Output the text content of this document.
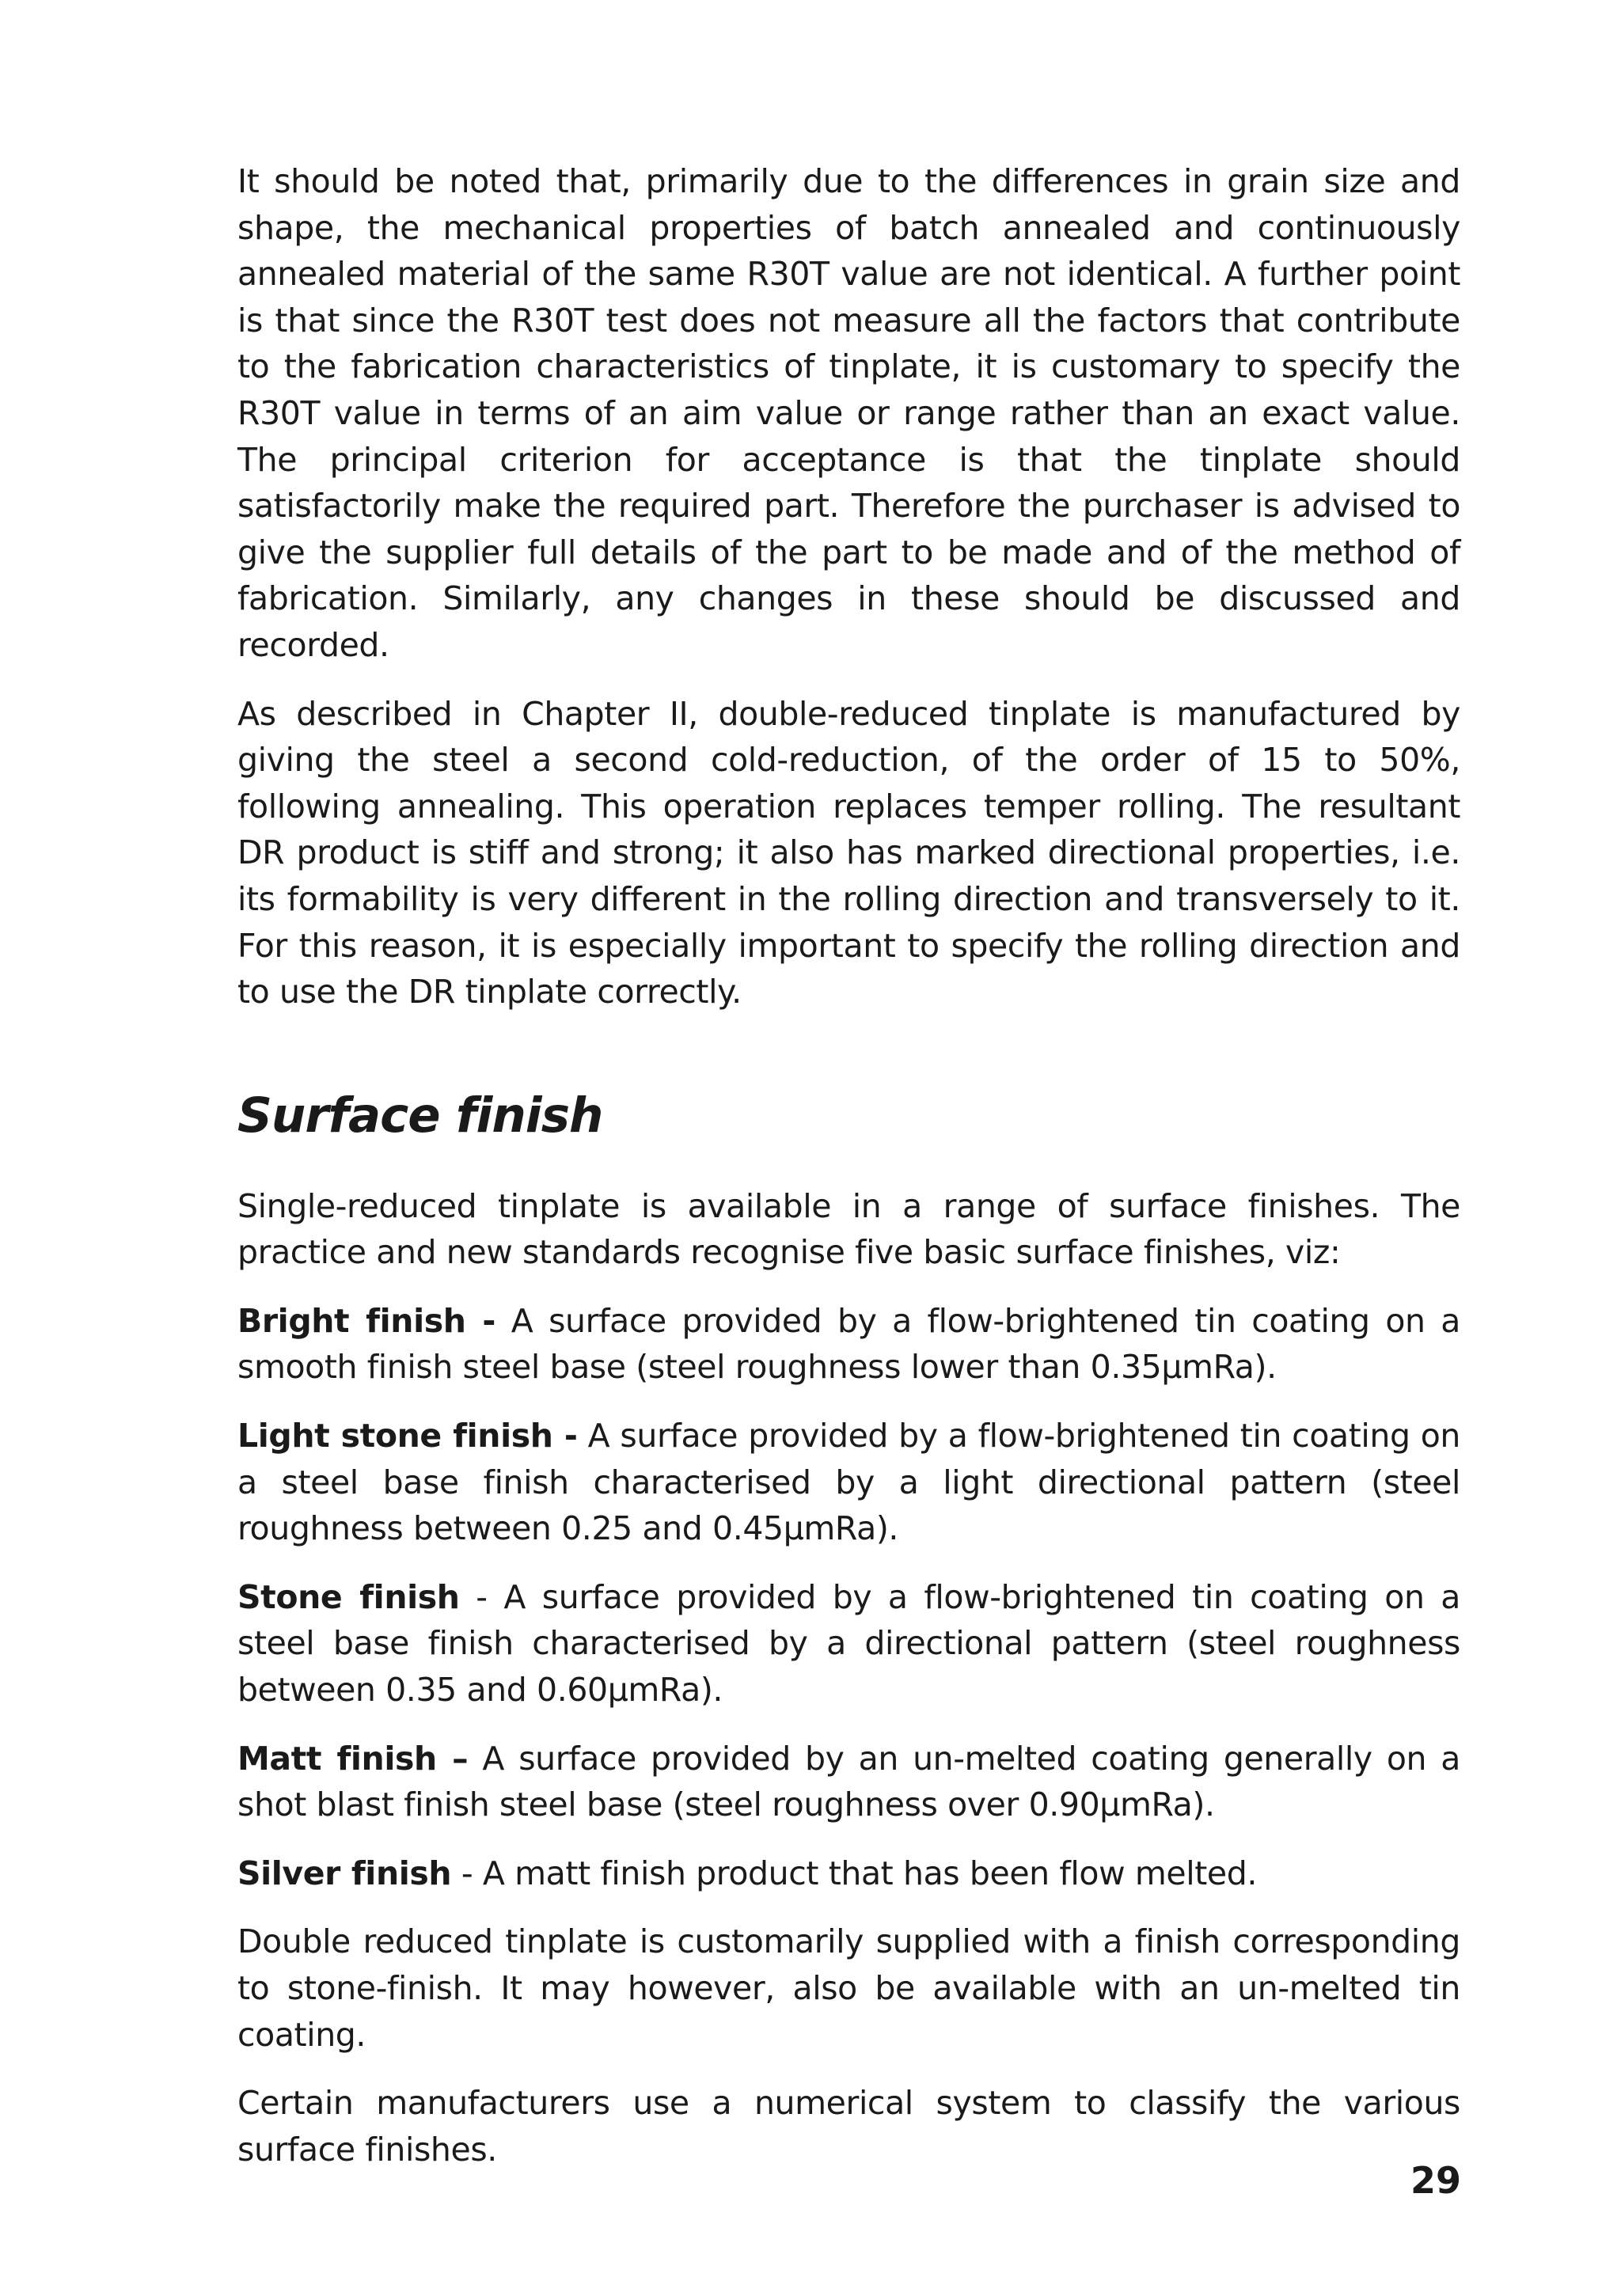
It should be noted that, primarily due to the differences in grain size and shape, the mechanical properties of batch annealed and continuously annealed material of the same R30T value are not identical. A further point is that since the R30T test does not measure all the factors that contribute to the fabrication characteristics of tinplate, it is customary to specify the R30T value in terms of an aim value or range rather than an exact value. The principal criterion for acceptance is that the tinplate should satisfactorily make the required part. Therefore the purchaser is advised to give the supplier full details of the part to be made and of the method of fabrication. Similarly, any changes in these should be discussed and recorded.

As described in Chapter II, double-reduced tinplate is manufactured by giving the steel a second cold-reduction, of the order of 15 to 50%, following annealing. This operation replaces temper rolling. The resultant DR product is stiff and strong; it also has marked directional properties, i.e. its formability is very different in the rolling direction and transversely to it. For this reason, it is especially important to specify the rolling direction and to use the DR tinplate correctly.

Surface finish

Single-reduced tinplate is available in a range of surface finishes. The practice and new standards recognise five basic surface finishes, viz:

Bright finish - A surface provided by a flow-brightened tin coating on a smooth finish steel base (steel roughness lower than 0.35µmRa).

Light stone finish - A surface provided by a flow-brightened tin coating on a steel base finish characterised by a light directional pattern (steel roughness between 0.25 and 0.45µmRa).

Stone finish - A surface provided by a flow-brightened tin coating on a steel base finish characterised by a directional pattern (steel roughness between 0.35 and 0.60µmRa).

Matt finish – A surface provided by an un-melted coating generally on a shot blast finish steel base (steel roughness over 0.90µmRa).

Silver finish - A matt finish product that has been flow melted.

Double reduced tinplate is customarily supplied with a finish corresponding to stone-finish. It may however, also be available with an un-melted tin coating.

Certain manufacturers use a numerical system to classify the various surface finishes.

29
